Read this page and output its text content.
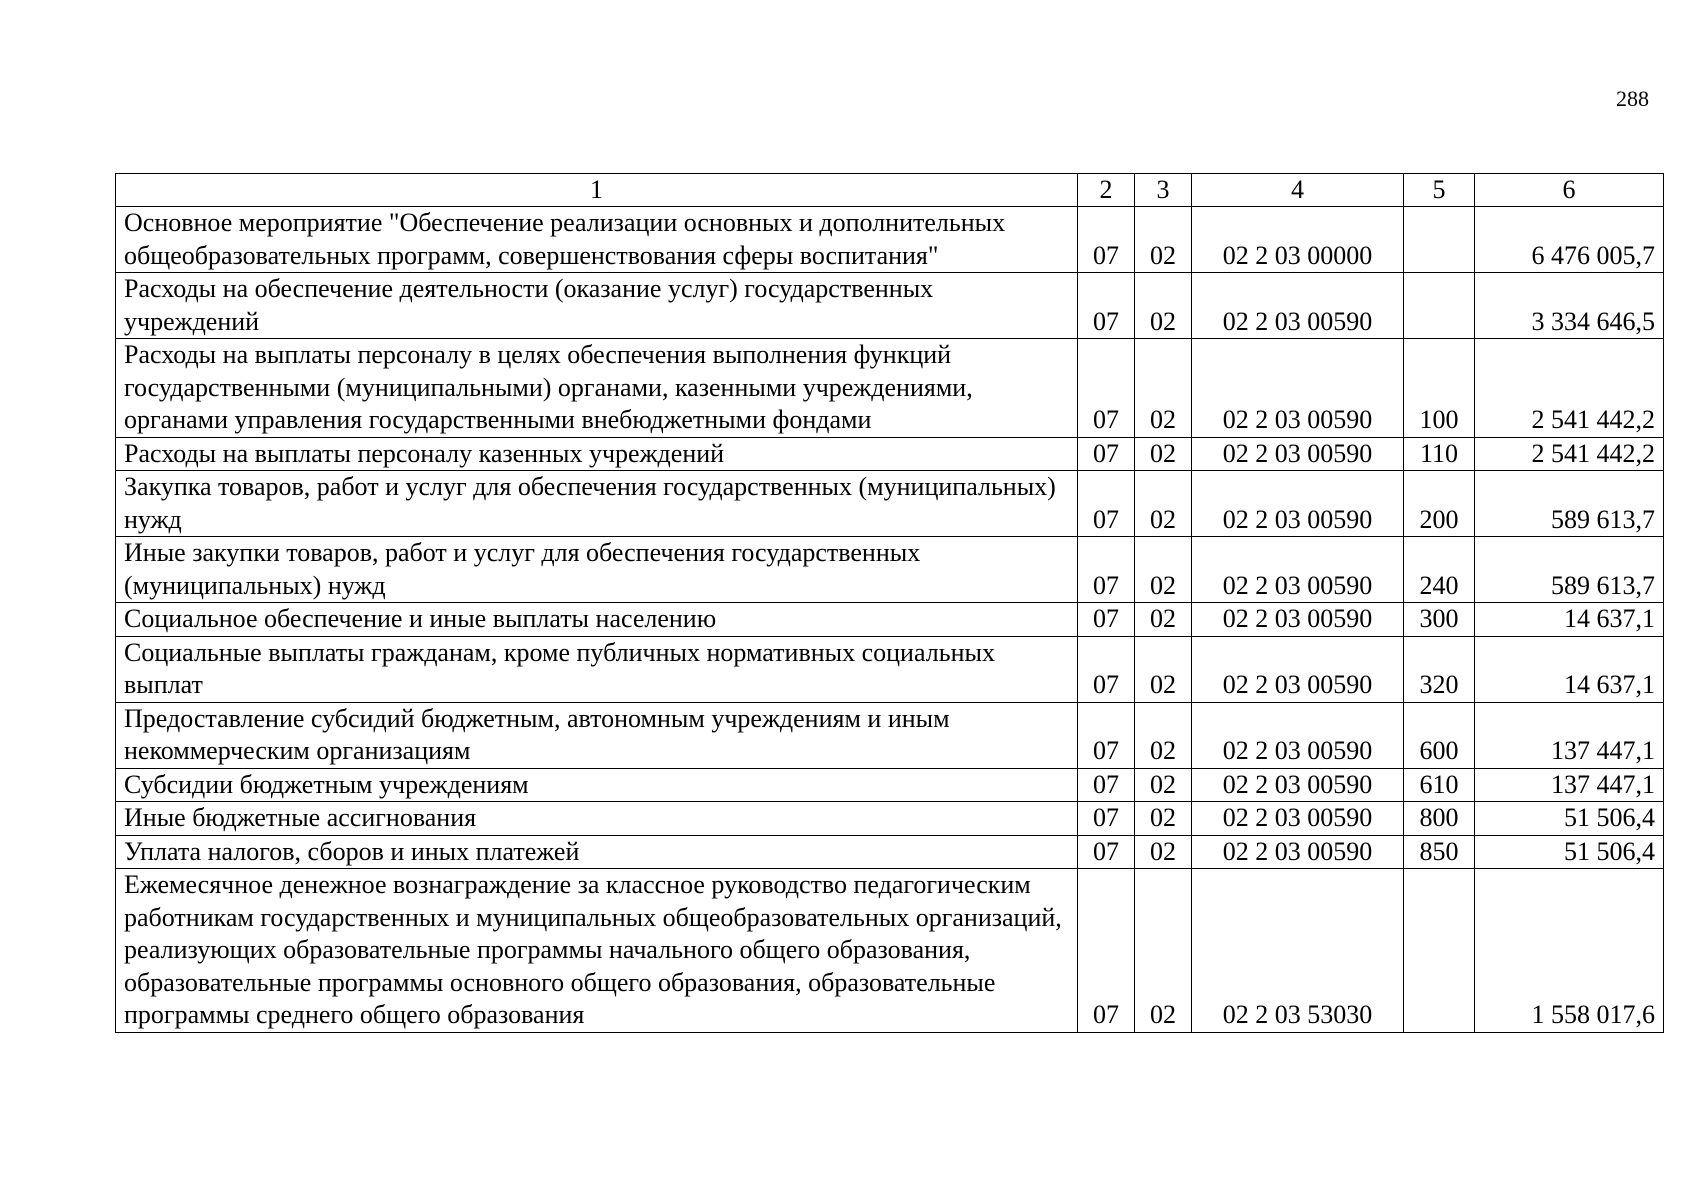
288
1	2	3	4	5	6
Основное мероприятие "Обеспечение реализации основных и дополнительных общеобразовательных программ, совершенствования сферы воспитания"	07	02	02 2 03 00000		6 476 005,7
Расходы на обеспечение деятельности (оказание услуг) государственных учреждений	07	02	02 2 03 00590		3 334 646,5
Расходы на выплаты персоналу в целях обеспечения выполнения функций государственными (муниципальными) органами, казенными учреждениями, органами управления государственными внебюджетными фондами	07	02	02 2 03 00590	100	2 541 442,2
Расходы на выплаты персоналу казенных учреждений	07	02	02 2 03 00590	110	2 541 442,2
Закупка товаров, работ и услуг для обеспечения государственных (муниципальных) нужд	07	02	02 2 03 00590	200	589 613,7
Иные закупки товаров, работ и услуг для обеспечения государственных (муниципальных) нужд	07	02	02 2 03 00590	240	589 613,7
Социальное обеспечение и иные выплаты населению	07	02	02 2 03 00590	300	14 637,1
Социальные выплаты гражданам, кроме публичных нормативных социальных выплат	07	02	02 2 03 00590	320	14 637,1
Предоставление субсидий бюджетным, автономным учреждениям и иным некоммерческим организациям	07	02	02 2 03 00590	600	137 447,1
Субсидии бюджетным учреждениям	07	02	02 2 03 00590	610	137 447,1
Иные бюджетные ассигнования	07	02	02 2 03 00590	800	51 506,4
Уплата налогов, сборов и иных платежей	07	02	02 2 03 00590	850	51 506,4
Ежемесячное денежное вознаграждение за классное руководство педагогическим работникам государственных и муниципальных общеобразовательных организаций, реализующих образовательные программы начального общего образования, образовательные программы основного общего образования, образовательные программы среднего общего образования	07	02	02 2 03 53030		1 558 017,6
